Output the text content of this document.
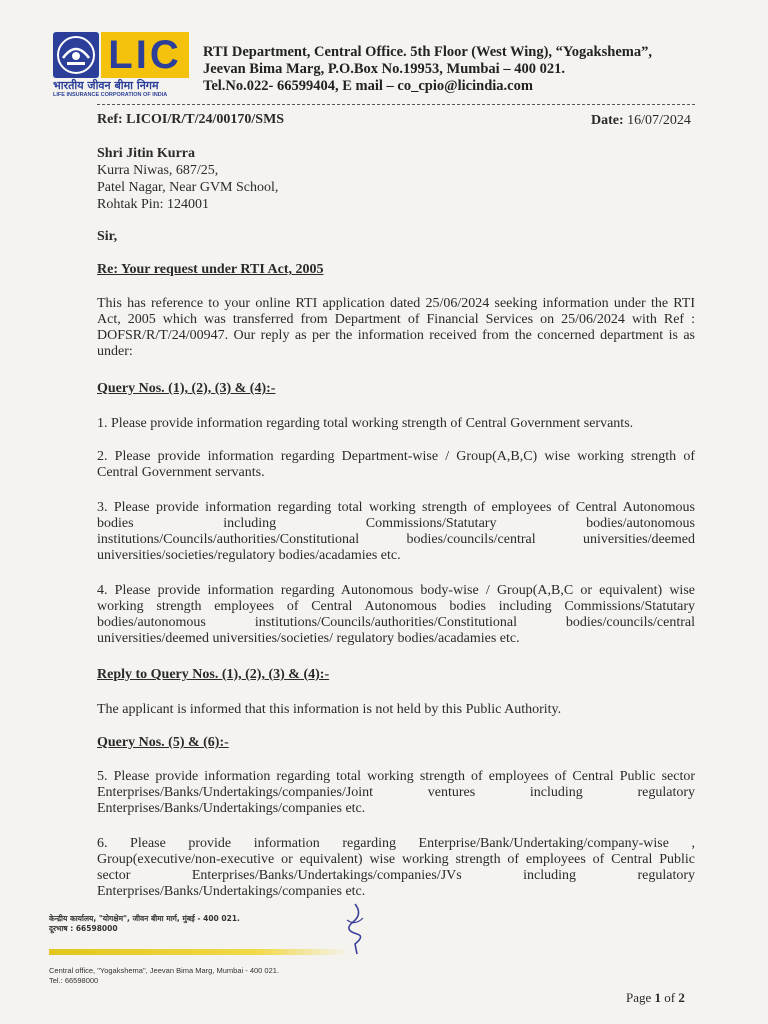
LIC
भारतीय जीवन बीमा निगम
LIFE INSURANCE CORPORATION OF INDIA
RTI Department, Central Office. 5th Floor (West Wing), “Yogakshema”,
Jeevan Bima Marg, P.O.Box No.19953, Mumbai – 400 021.
Tel.No.022- 66599404, E mail – co_cpio@licindia.com
Ref: LICOI/R/T/24/00170/SMS	Date: 16/07/2024
Shri Jitin Kurra
Kurra Niwas, 687/25,
Patel Nagar, Near GVM School,
Rohtak Pin: 124001
Sir,
Re: Your request under RTI Act, 2005
This has reference to your online RTI application dated 25/06/2024 seeking information under the RTI Act, 2005 which was transferred from Department of Financial Services on 25/06/2024 with Ref : DOFSR/R/T/24/00947. Our reply as per the information received from the concerned department is as under:
Query Nos. (1), (2), (3) & (4):-
1. Please provide information regarding total working strength of Central Government servants.
2. Please provide information regarding Department-wise / Group(A,B,C) wise working strength of Central Government servants.
3. Please provide information regarding total working strength of employees of Central Autonomous bodies including Commissions/Statutary bodies/autonomous institutions/Councils/authorities/Constitutional bodies/councils/central universities/deemed universities/societies/regulatory bodies/acadamies etc.
4. Please provide information regarding Autonomous body-wise / Group(A,B,C or equivalent) wise working strength employees of Central Autonomous bodies including Commissions/Statutary bodies/autonomous institutions/Councils/authorities/Constitutional bodies/councils/central universities/deemed universities/societies/ regulatory bodies/acadamies etc.
Reply to Query Nos. (1), (2), (3) & (4):-
The applicant is informed that this information is not held by this Public Authority.
Query Nos. (5) & (6):-
5. Please provide information regarding total working strength of employees of Central Public sector Enterprises/Banks/Undertakings/companies/Joint ventures including regulatory Enterprises/Banks/Undertakings/companies etc.
6. Please provide information regarding Enterprise/Bank/Undertaking/company-wise , Group(executive/non-executive or equivalent) wise working strength of employees of Central Public sector Enterprises/Banks/Undertakings/companies/JVs including regulatory Enterprises/Banks/Undertakings/companies etc.
केन्द्रीय कार्यालय, "योगक्षेम", जीवन बीमा मार्ग, मुंबई - 400 021.
दूरभाष : 66598000
Central office, "Yogakshema", Jeevan Bima Marg, Mumbai - 400 021.
Tel.: 66598000
Page 1 of 2
